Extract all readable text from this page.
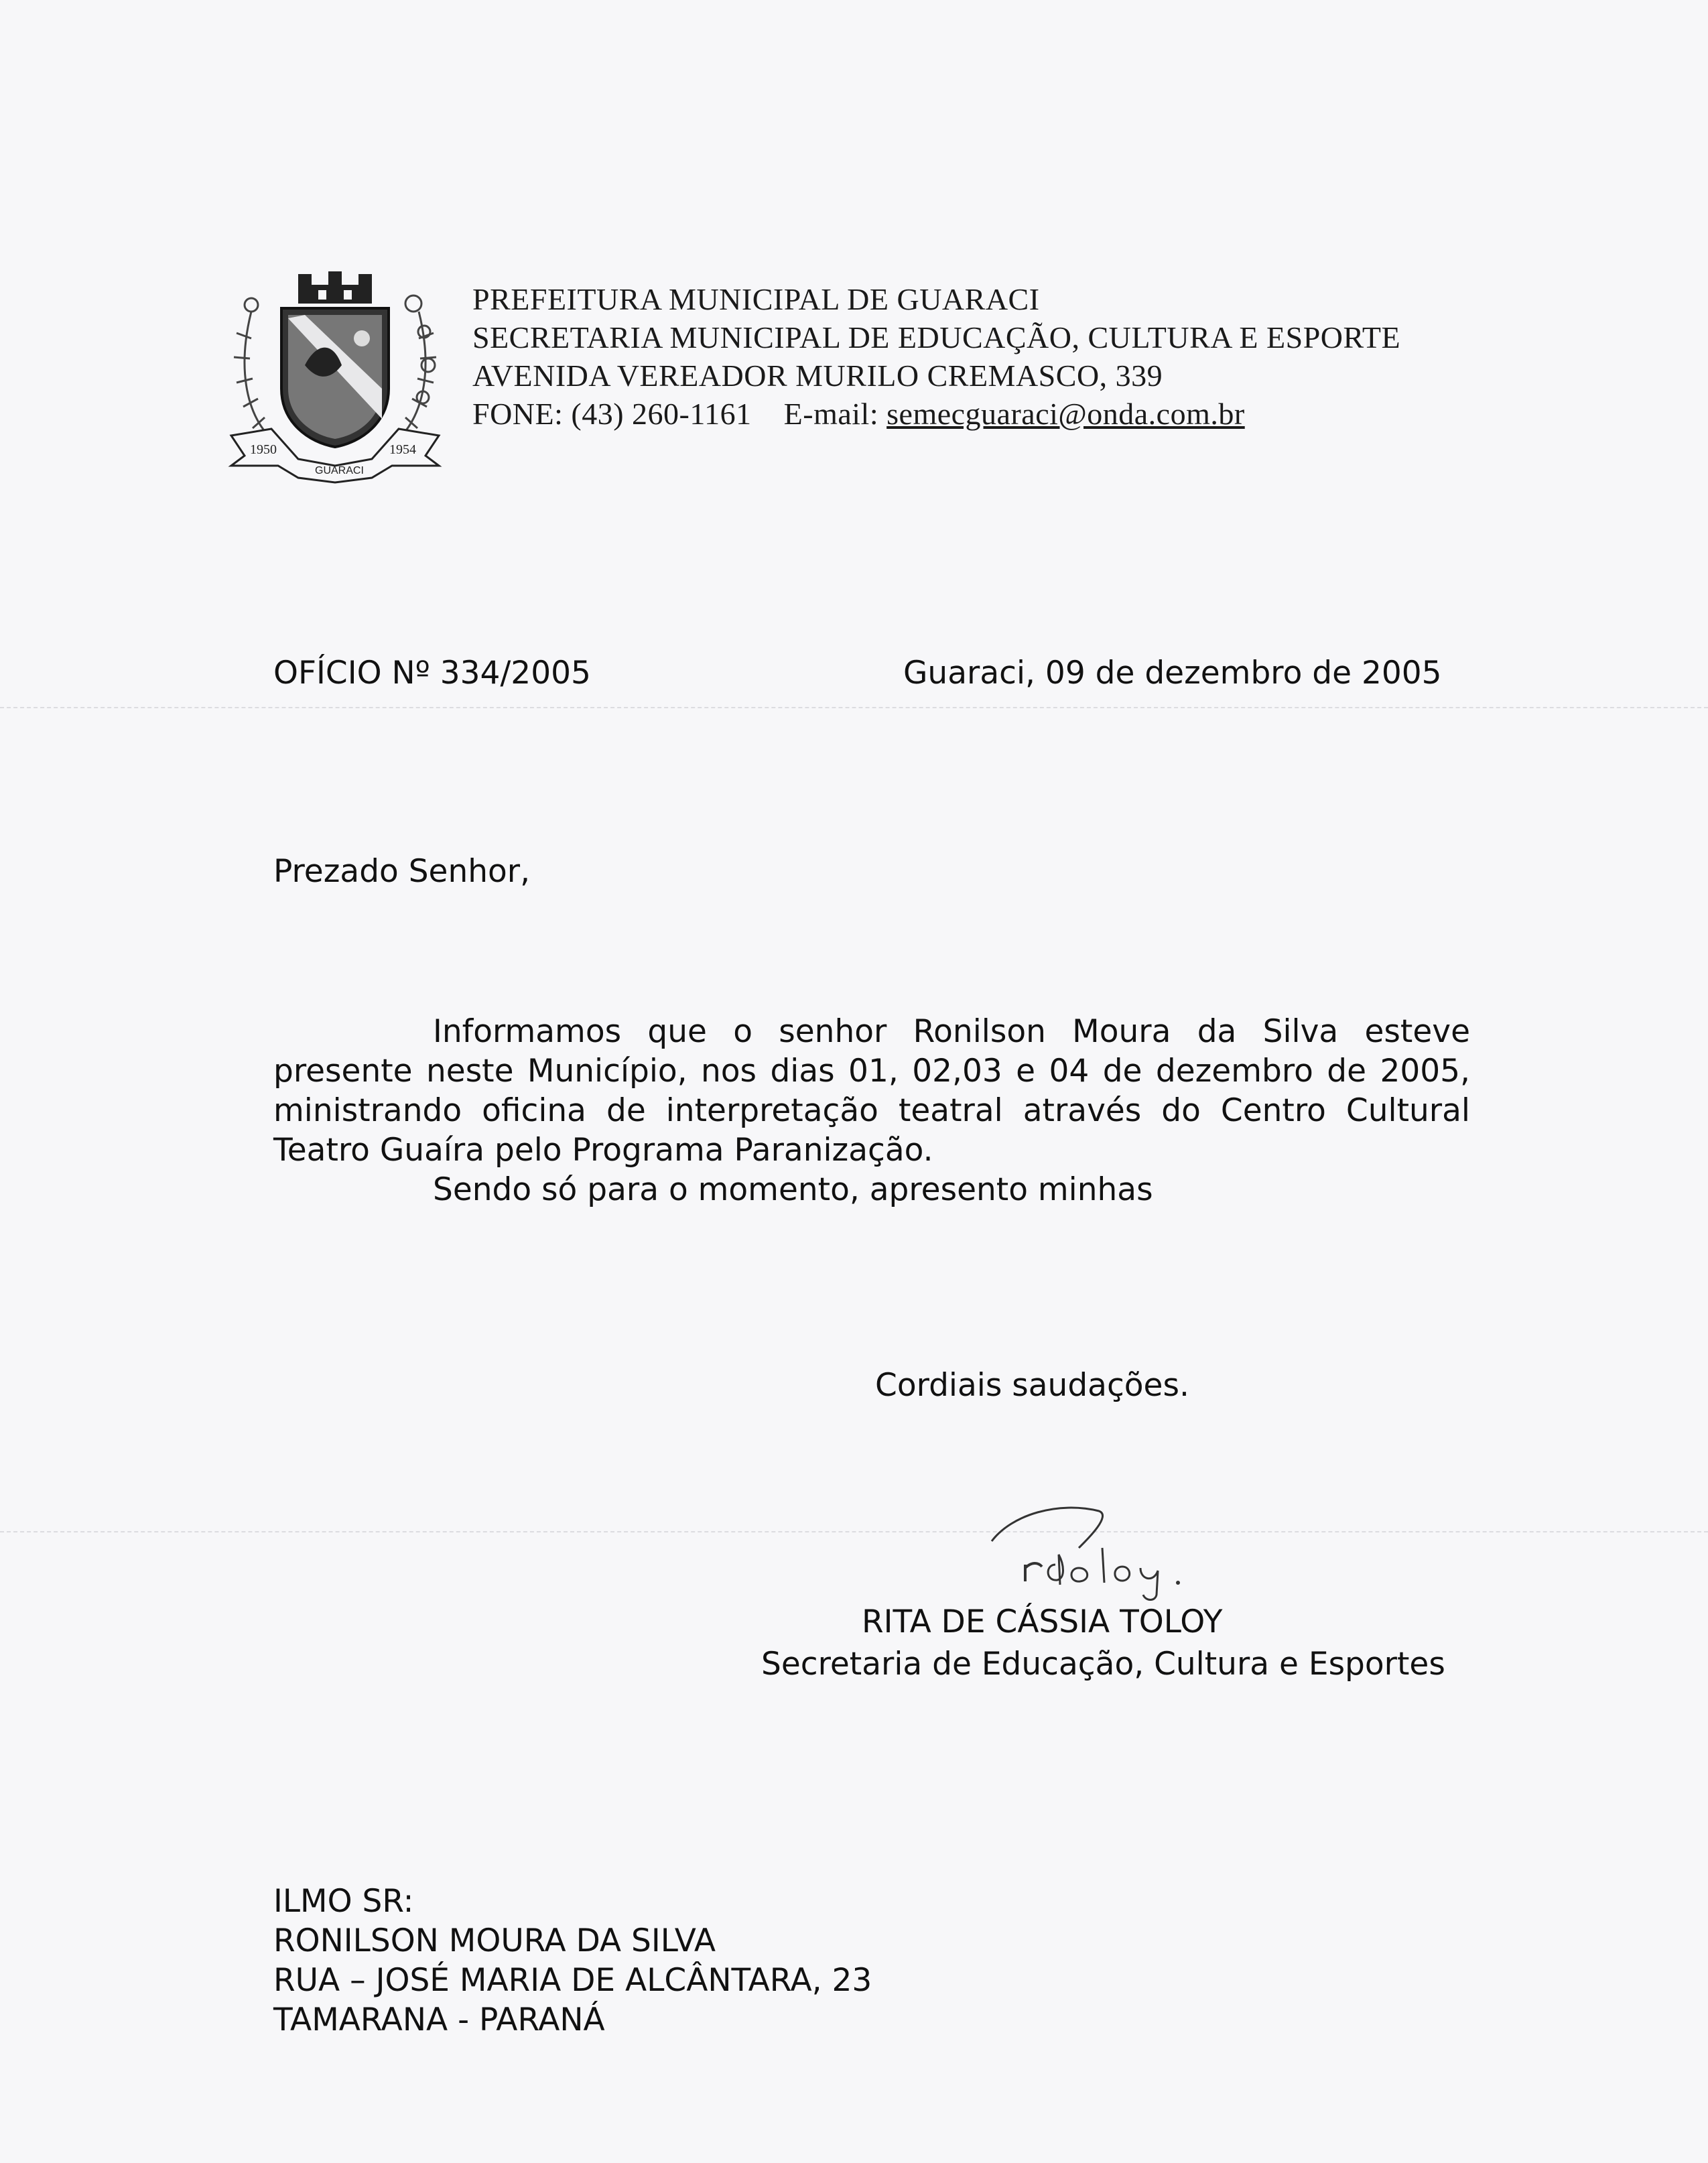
1950	1954
GUARACI
PREFEITURA MUNICIPAL DE GUARACI
SECRETARIA MUNICIPAL DE EDUCAÇÃO, CULTURA E ESPORTE
AVENIDA VEREADOR MURILO CREMASCO, 339
FONE: (43) 260-1161 E-mail: semecguaraci@onda.com.br
OFÍCIO Nº 334/2005	Guaraci, 09 de dezembro de 2005
Prezado Senhor,
Informamos que o senhor Ronilson Moura da Silva esteve presente neste Município, nos dias 01, 02,03 e 04 de dezembro de 2005, ministrando oficina de interpretação teatral através do Centro Cultural Teatro Guaíra pelo Programa Paranização.
Sendo só para o momento, apresento minhas
Cordiais saudações.
RITA DE CÁSSIA TOLOY
Secretaria de Educação, Cultura e Esportes
ILMO SR:
RONILSON MOURA DA SILVA
RUA – JOSÉ MARIA DE ALCÂNTARA, 23
TAMARANA - PARANÁ
